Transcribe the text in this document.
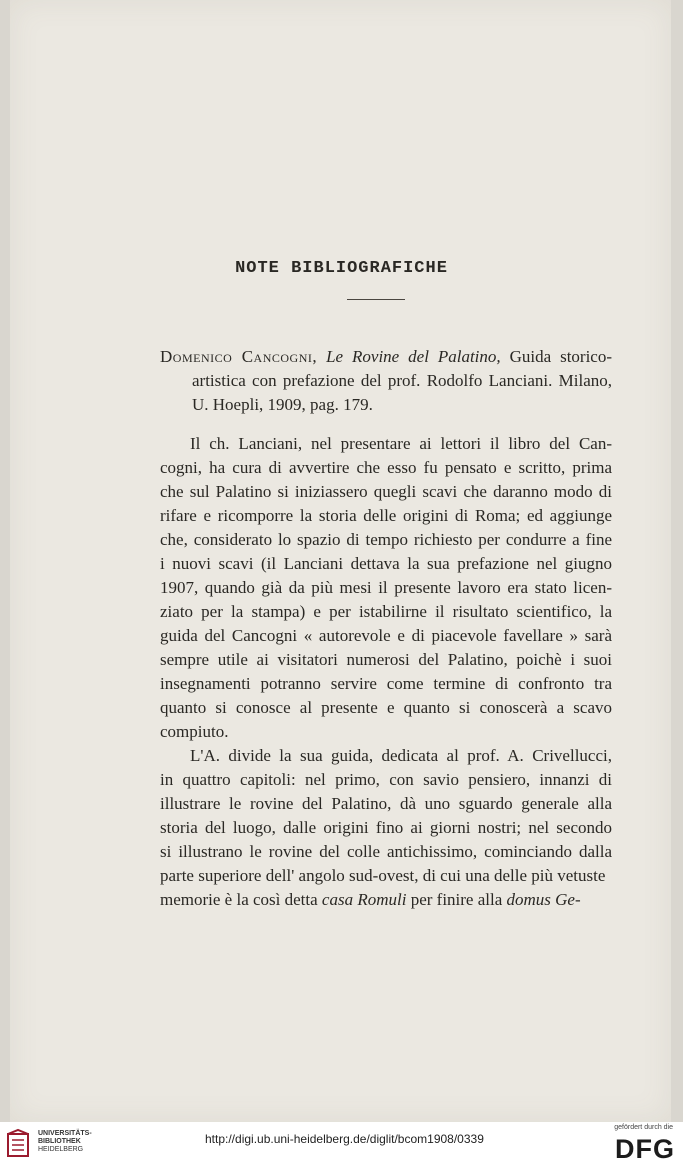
NOTE BIBLIOGRAFICHE
Domenico Cancogni, Le Rovine del Palatino, Guida storico-
artistica con prefazione del prof. Rodolfo Lanciani. Milano,
U. Hoepli, 1909, pag. 179.
Il ch. Lanciani, nel presentare ai lettori il libro del Can-
cogni, ha cura di avvertire che esso fu pensato e scritto, prima
che sul Palatino si iniziassero quegli scavi che daranno modo di
rifare e ricomporre la storia delle origini di Roma; ed aggiunge
che, considerato lo spazio di tempo richiesto per condurre a fine
i nuovi scavi (il Lanciani dettava la sua prefazione nel giugno
1907, quando già da più mesi il presente lavoro era stato licen-
ziato per la stampa) e per istabilirne il risultato scientifico, la
guida del Cancogni « autorevole e di piacevole favellare » sarà
sempre utile ai visitatori numerosi del Palatino, poichè i suoi
insegnamenti potranno servire come termine di confronto tra
quanto si conosce al presente e quanto si conoscerà a scavo
compiuto.
L'A. divide la sua guida, dedicata al prof. A. Crivellucci,
in quattro capitoli: nel primo, con savio pensiero, innanzi di
illustrare le rovine del Palatino, dà uno sguardo generale alla
storia del luogo, dalle origini fino ai giorni nostri; nel secondo
si illustrano le rovine del colle antichissimo, cominciando dalla
parte superiore dell' angolo sud-ovest, di cui una delle più vetuste
memorie è la così detta casa Romuli per finire alla domus Ge-
UNIVERSITÄTS-
BIBLIOTHEK
HEIDELBERG
http://digi.ub.uni-heidelberg.de/diglit/bcom1908/0339
gefördert durch die
DFG
